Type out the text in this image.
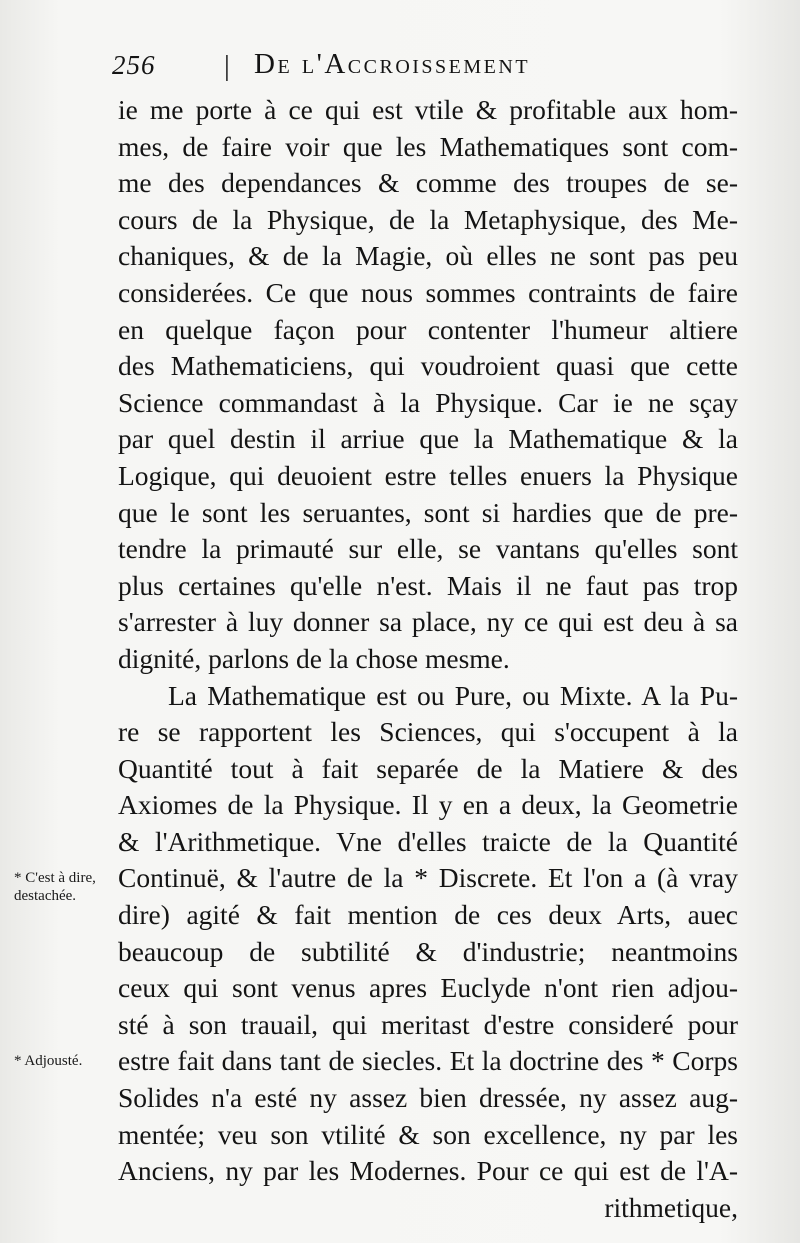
256 | De l'Accroissement
ie me porte à ce qui est vtile & profitable aux hom-
mes, de faire voir que les Mathematiques sont com-
me des dependances & comme des troupes de se-
cours de la Physique, de la Metaphysique, des Me-
chaniques, & de la Magie, où elles ne sont pas peu
considerées. Ce que nous sommes contraints de faire
en quelque façon pour contenter l'humeur altiere
des Mathematiciens, qui voudroient quasi que cette
Science commandast à la Physique. Car ie ne sçay
par quel destin il arriue que la Mathematique & la
Logique, qui deuoient estre telles enuers la Physique
que le sont les seruantes, sont si hardies que de pre-
tendre la primauté sur elle, se vantans qu'elles sont
plus certaines qu'elle n'est. Mais il ne faut pas trop
s'arrester à luy donner sa place, ny ce qui est deu à sa
dignité, parlons de la chose mesme.
La Mathematique est ou Pure, ou Mixte. A la Pu-
re se rapportent les Sciences, qui s'occupent à la
Quantité tout à fait separée de la Matiere & des
Axiomes de la Physique. Il y en a deux, la Geometrie
& l'Arithmetique. Vne d'elles traicte de la Quantité
Continuë, & l'autre de la * Discrete. Et l'on a (à vray
dire) agité & fait mention de ces deux Arts, auec
beaucoup de subtilité & d'industrie; neantmoins
ceux qui sont venus apres Euclyde n'ont rien adjou-
sté à son trauail, qui meritast d'estre consideré pour
estre fait dans tant de siecles. Et la doctrine des * Corps
Solides n'a esté ny assez bien dressée, ny assez aug-
mentée; veu son vtilité & son excellence, ny par les
Anciens, ny par les Modernes. Pour ce qui est de l'A-
rithmetique,
* C'est à dire, destachée.
* Adjousté.
